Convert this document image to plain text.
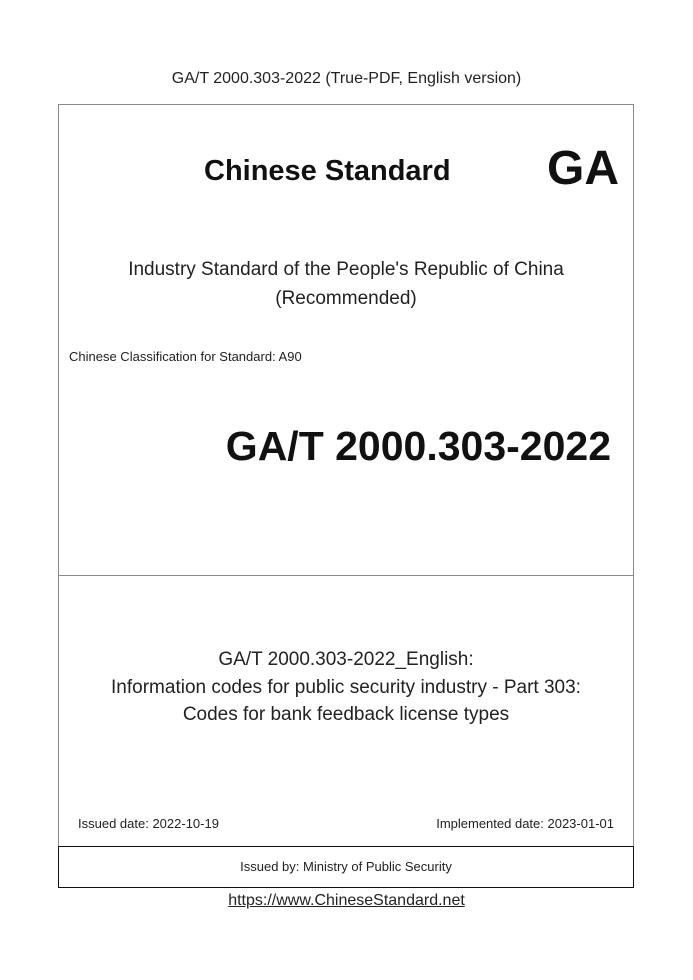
GA/T 2000.303-2022 (True-PDF, English version)
Chinese Standard GA
Industry Standard of the People's Republic of China
(Recommended)
Chinese Classification for Standard: A90
GA/T 2000.303-2022
GA/T 2000.303-2022_English:
Information codes for public security industry - Part 303:
Codes for bank feedback license types
Issued date: 2022-10-19	Implemented date: 2023-01-01
Issued by: Ministry of Public Security
https://www.ChineseStandard.net
